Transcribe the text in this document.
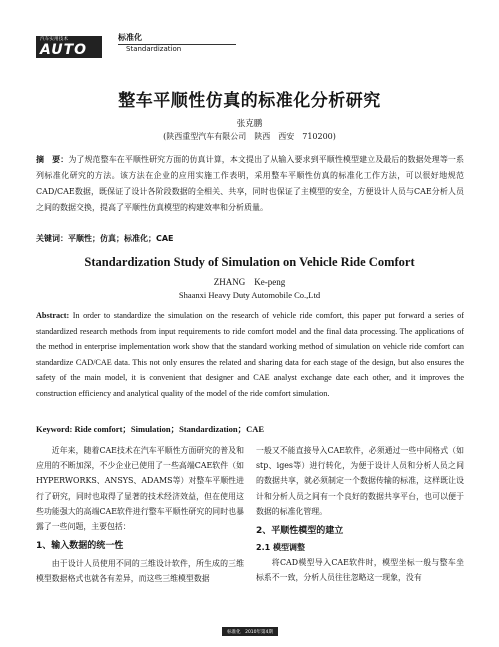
汽车实用技术
AUTO
标准化
Standardization
整车平顺性仿真的标准化分析研究
张克鹏
(陕西重型汽车有限公司　陕西　西安　710200)
摘　要：为了规范整车在平顺性研究方面的仿真计算，本文提出了从输入要求到平顺性模型建立及最后的数据处理等一系列标准化研究的方法。该方法在企业的应用实施工作表明，采用整车平顺性仿真的标准化工作方法，可以很好地规范CAD/CAE数据，既保证了设计各阶段数据的全相关、共享，同时也保证了主模型的安全，方便设计人员与CAE分析人员之间的数据交换，提高了平顺性仿真模型的构建效率和分析质量。
关键词：平顺性；仿真；标准化；CAE
Standardization Study of Simulation on Vehicle Ride Comfort
ZHANG　Ke-peng
Shaanxi Heavy Duty Automobile Co.,Ltd
Abstract: In order to standardize the simulation on the research of vehicle ride comfort, this paper put forward a series of standardized research methods from input requirements to ride comfort model and the final data processing. The applications of the method in enterprise implementation work show that the standard working method of simulation on vehicle ride comfort can standardize CAD/CAE data. This not only ensures the related and sharing data for each stage of the design, but also ensures the safety of the main model, it is convenient that designer and CAE analyst exchange date each other, and it improves the construction efficiency and analytical quality of the model of the ride comfort simulation.
Keyword: Ride comfort；Simulation；Standardization；CAE

近年来，随着CAE技术在汽车平顺性方面研究的普及和应用的不断加深，不少企业已使用了一些高端CAE软件（如HYPERWORKS、ANSYS、ADAMS等）对整车平顺性进行了研究，同时也取得了显著的技术经济效益，但在使用这些功能强大的高端CAE软件进行整车平顺性研究的同时也暴露了一些问题，主要包括：

1、输入数据的统一性

由于设计人员使用不同的三维设计软件，所生成的三维模型数据格式也就各有差异，而这些三维模型数据

一般又不能直接导入CAE软件，必须通过一些中间格式（如stp、iges等）进行转化，为便于设计人员和分析人员之间的数据共享，就必须制定一个数据传输的标准，这样既让设计和分析人员之间有一个良好的数据共享平台，也可以便于数据的标准化管理。

2、平顺性模型的建立
2.1 模型调整

将CAD模型导入CAE软件时，模型坐标一般与整车坐标系不一致，分析人员往往忽略这一现象，没有

标准化　2010年第4期
